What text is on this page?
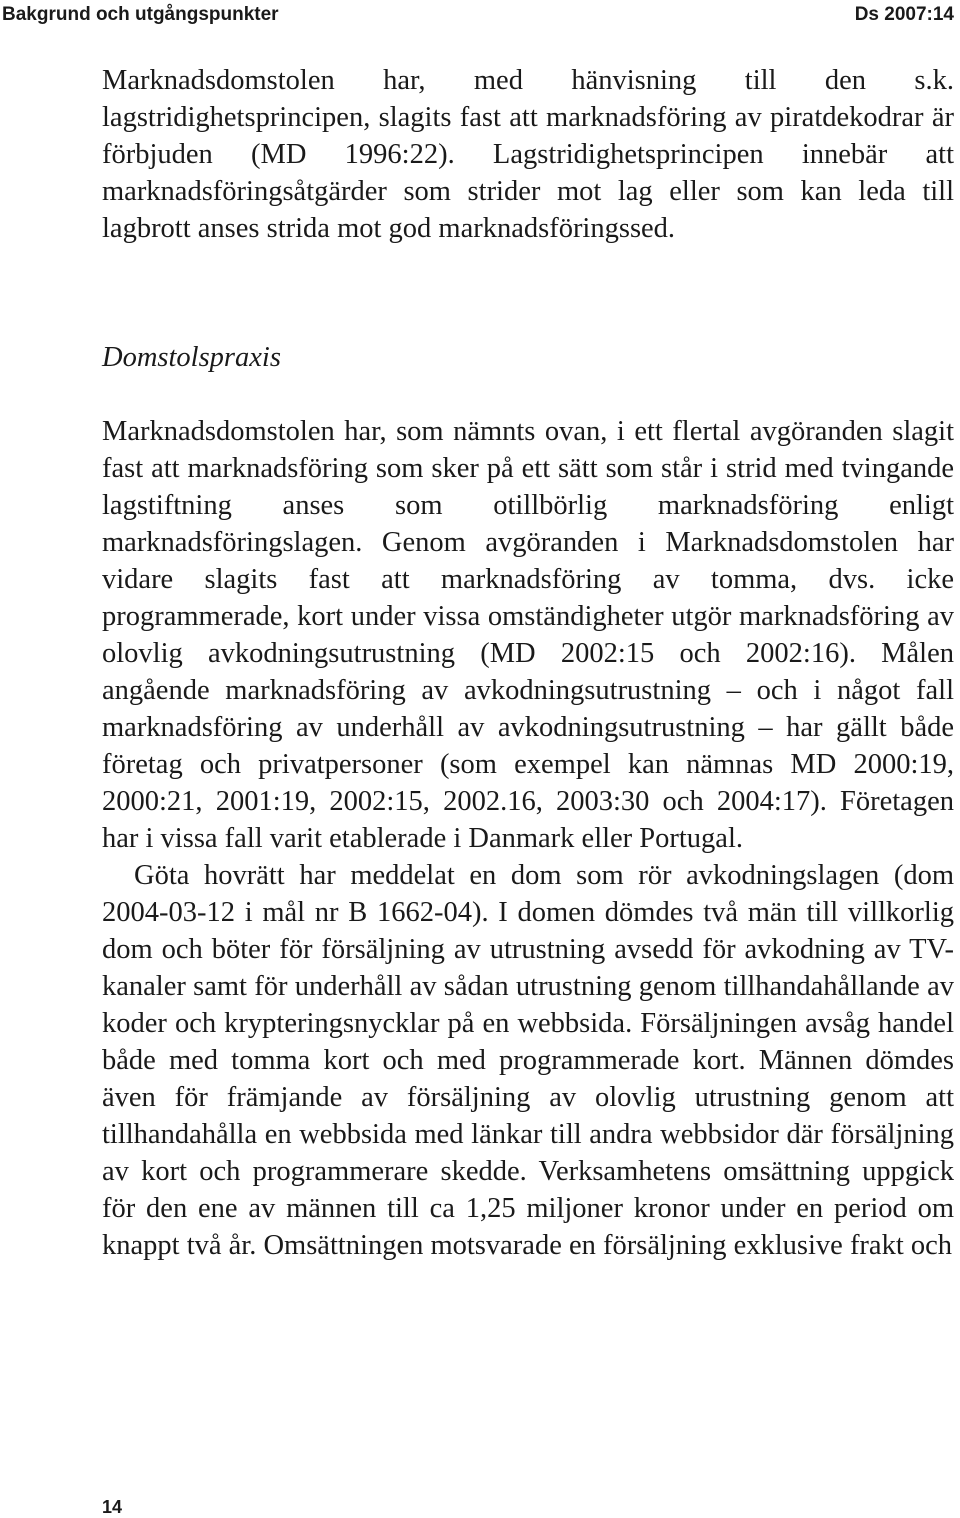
Bakgrund och utgångspunkter	Ds 2007:14

Marknadsdomstolen har, med hänvisning till den s.k. lagstridighetsprincipen, slagits fast att marknadsföring av piratdekodrar är förbjuden (MD 1996:22). Lagstridighetsprincipen innebär att marknadsföringsåtgärder som strider mot lag eller som kan leda till lagbrott anses strida mot god marknadsföringssed.

Domstolspraxis

Marknadsdomstolen har, som nämnts ovan, i ett flertal avgöranden slagit fast att marknadsföring som sker på ett sätt som står i strid med tvingande lagstiftning anses som otillbörlig marknadsföring enligt marknadsföringslagen. Genom avgöranden i Marknadsdomstolen har vidare slagits fast att marknadsföring av tomma, dvs. icke programmerade, kort under vissa omständigheter utgör marknadsföring av olovlig avkodningsutrustning (MD 2002:15 och 2002:16). Målen angående marknadsföring av avkodningsutrustning – och i något fall marknadsföring av underhåll av avkodningsutrustning – har gällt både företag och privatpersoner (som exempel kan nämnas MD 2000:19, 2000:21, 2001:19, 2002:15, 2002.16, 2003:30 och 2004:17). Företagen har i vissa fall varit etablerade i Danmark eller Portugal.

Göta hovrätt har meddelat en dom som rör avkodningslagen (dom 2004-03-12 i mål nr B 1662-04). I domen dömdes två män till villkorlig dom och böter för försäljning av utrustning avsedd för avkodning av TV-kanaler samt för underhåll av sådan utrustning genom tillhandahållande av koder och krypteringsnycklar på en webbsida. Försäljningen avsåg handel både med tomma kort och med programmerade kort. Männen dömdes även för främjande av försäljning av olovlig utrustning genom att tillhandahålla en webbsida med länkar till andra webbsidor där försäljning av kort och programmerare skedde. Verksamhetens omsättning uppgick för den ene av männen till ca 1,25 miljoner kronor under en period om knappt två år. Omsättningen motsvarade en försäljning exklusive frakt och

14
